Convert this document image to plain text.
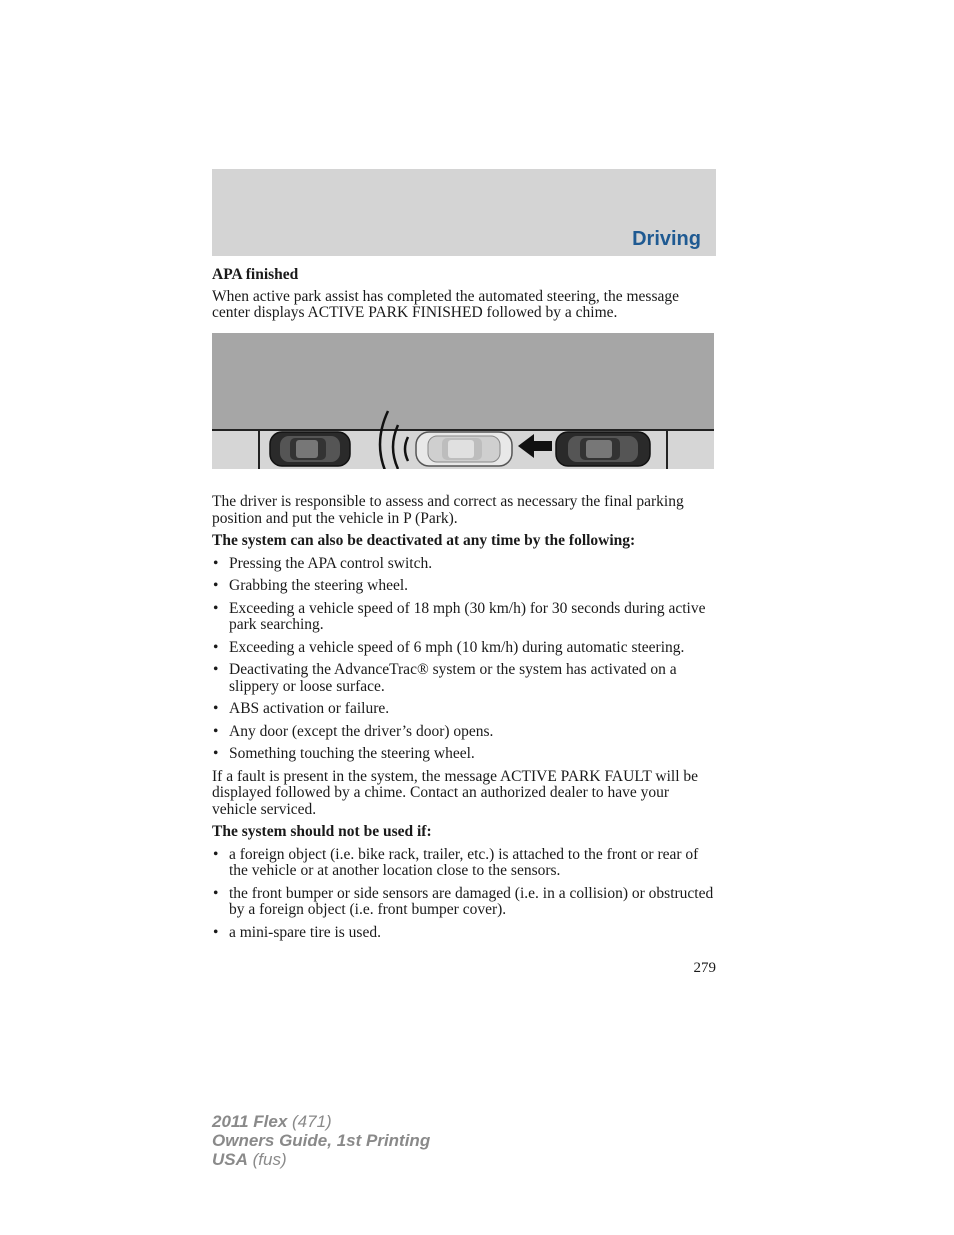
Driving

APA finished

When active park assist has completed the automated steering, the message center displays ACTIVE PARK FINISHED followed by a chime.

The driver is responsible to assess and correct as necessary the final parking position and put the vehicle in P (Park).

The system can also be deactivated at any time by the following:

• Pressing the APA control switch.
• Grabbing the steering wheel.
• Exceeding a vehicle speed of 18 mph (30 km/h) for 30 seconds during active park searching.
• Exceeding a vehicle speed of 6 mph (10 km/h) during automatic steering.
• Deactivating the AdvanceTrac® system or the system has activated on a slippery or loose surface.
• ABS activation or failure.
• Any door (except the driver’s door) opens.
• Something touching the steering wheel.

If a fault is present in the system, the message ACTIVE PARK FAULT will be displayed followed by a chime. Contact an authorized dealer to have your vehicle serviced.

The system should not be used if:

• a foreign object (i.e. bike rack, trailer, etc.) is attached to the front or rear of the vehicle or at another location close to the sensors.
• the front bumper or side sensors are damaged (i.e. in a collision) or obstructed by a foreign object (i.e. front bumper cover).
• a mini-spare tire is used.
279
2011 Flex (471)
Owners Guide, 1st Printing
USA (fus)
